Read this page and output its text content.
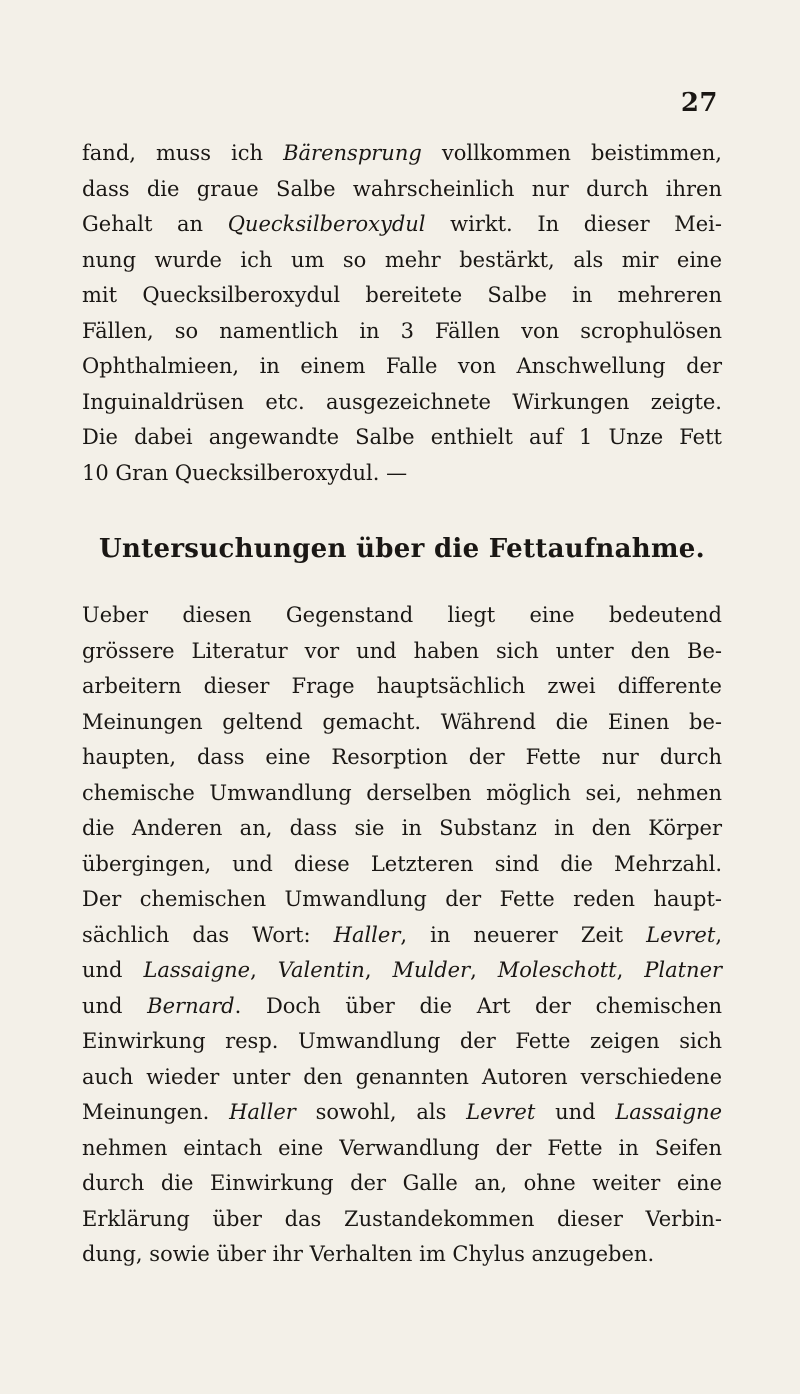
27
fand, muss ich Bärensprung vollkommen beistimmen,
dass die graue Salbe wahrscheinlich nur durch ihren
Gehalt an Quecksilberoxydul wirkt. In dieser Mei-
nung wurde ich um so mehr bestärkt, als mir eine
mit Quecksilberoxydul bereitete Salbe in mehreren
Fällen, so namentlich in 3 Fällen von scrophulösen
Ophthalmieen, in einem Falle von Anschwellung der
Inguinaldrüsen etc. ausgezeichnete Wirkungen zeigte.
Die dabei angewandte Salbe enthielt auf 1 Unze Fett
10 Gran Quecksilberoxydul. —
Untersuchungen über die Fettaufnahme.
Ueber diesen Gegenstand liegt eine bedeutend
grössere Literatur vor und haben sich unter den Be-
arbeitern dieser Frage hauptsächlich zwei differente
Meinungen geltend gemacht. Während die Einen be-
haupten, dass eine Resorption der Fette nur durch
chemische Umwandlung derselben möglich sei, nehmen
die Anderen an, dass sie in Substanz in den Körper
übergingen, und diese Letzteren sind die Mehrzahl.
Der chemischen Umwandlung der Fette reden haupt-
sächlich das Wort: Haller, in neuerer Zeit Levret,
und Lassaigne, Valentin, Mulder, Moleschott, Platner
und Bernard. Doch über die Art der chemischen
Einwirkung resp. Umwandlung der Fette zeigen sich
auch wieder unter den genannten Autoren verschiedene
Meinungen. Haller sowohl, als Levret und Lassaigne
nehmen eintach eine Verwandlung der Fette in Seifen
durch die Einwirkung der Galle an, ohne weiter eine
Erklärung über das Zustandekommen dieser Verbin-
dung, sowie über ihr Verhalten im Chylus anzugeben.
